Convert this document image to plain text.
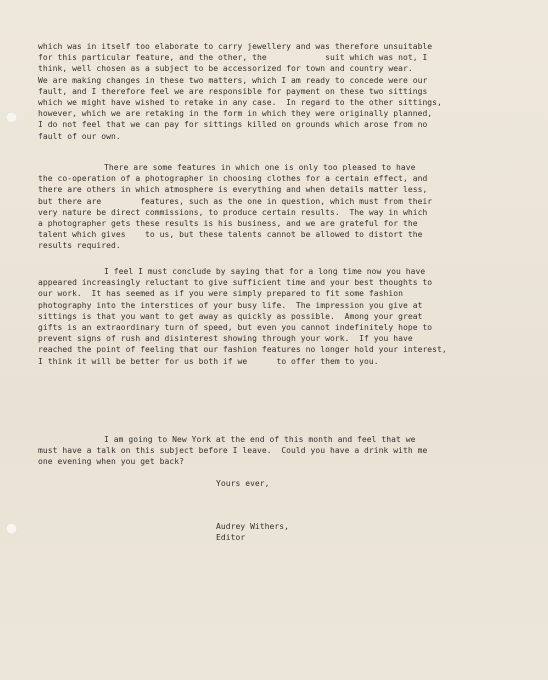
which was in itself too elaborate to carry jewellery and was therefore unsuitable
for this particular feature, and the other, the            suit which was not, I
think, well chosen as a subject to be accessorized for town and country wear.
We are making changes in these two matters, which I am ready to concede were our
fault, and I therefore feel we are responsible for payment on these two sittings
which we might have wished to retake in any case.  In regard to the other sittings,
however, which we are retaking in the form in which they were originally planned,
I do not feel that we can pay for sittings killed on grounds which arose from no
fault of our own.
There are some features in which one is only too pleased to have
the co-operation of a photographer in choosing clothes for a certain effect, and
there are others in which atmosphere is everything and when details matter less,
but there are        features, such as the one in question, which must from their
very nature be direct commissions, to produce certain results.  The way in which
a photographer gets these results is his business, and we are grateful for the
talent which gives    to us, but these talents cannot be allowed to distort the
results required.
I feel I must conclude by saying that for a long time now you have
appeared increasingly reluctant to give sufficient time and your best thoughts to
our work.  It has seemed as if you were simply prepared to fit some fashion
photography into the interstices of your busy life.  The impression you give at
sittings is that you want to get away as quickly as possible.  Among your great
gifts is an extraordinary turn of speed, but even you cannot indefinitely hope to
prevent signs of rush and disinterest showing through your work.  If you have
reached the point of feeling that our fashion features no longer hold your interest,
I think it will be better for us both if we      to offer them to you.
I am going to New York at the end of this month and feel that we
must have a talk on this subject before I leave.  Could you have a drink with me
one evening when you get back?
Yours ever,
Audrey Withers,
Editor
